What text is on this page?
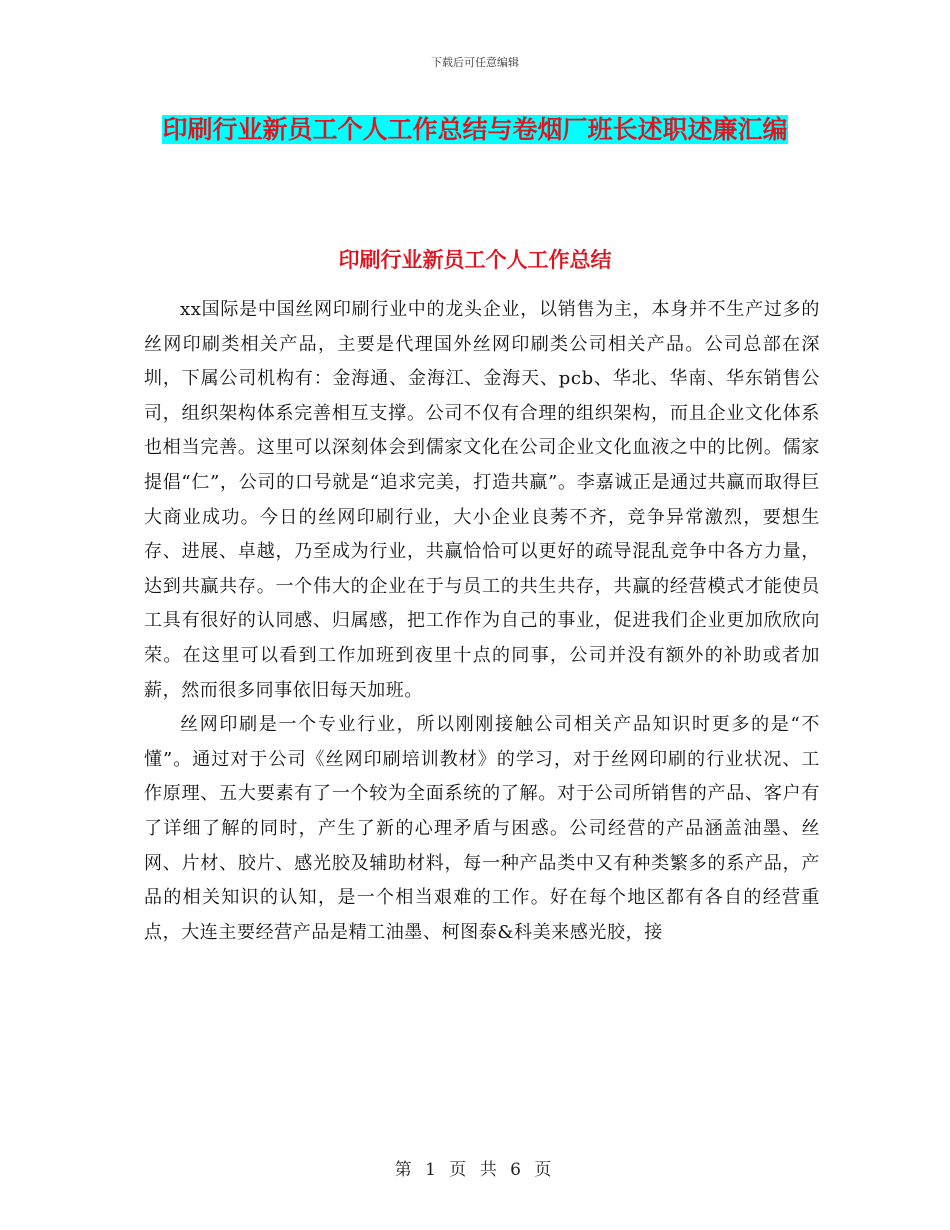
下载后可任意编辑
印刷行业新员工个人工作总结与卷烟厂班长述职述廉汇编
印刷行业新员工个人工作总结

xx国际是中国丝网印刷行业中的龙头企业，以销售为主，本身并不生产过多的丝网印刷类相关产品，主要是代理国外丝网印刷类公司相关产品。公司总部在深圳，下属公司机构有：金海通、金海江、金海天、pcb、华北、华南、华东销售公司，组织架构体系完善相互支撑。公司不仅有合理的组织架构，而且企业文化体系也相当完善。这里可以深刻体会到儒家文化在公司企业文化血液之中的比例。儒家提倡“仁”，公司的口号就是“追求完美，打造共赢”。李嘉诚正是通过共赢而取得巨大商业成功。今日的丝网印刷行业，大小企业良莠不齐，竞争异常激烈，要想生存、进展、卓越，乃至成为行业，共赢恰恰可以更好的疏导混乱竞争中各方力量，达到共赢共存。一个伟大的企业在于与员工的共生共存，共赢的经营模式才能使员工具有很好的认同感、归属感，把工作作为自己的事业，促进我们企业更加欣欣向荣。在这里可以看到工作加班到夜里十点的同事，公司并没有额外的补助或者加薪，然而很多同事依旧每天加班。

丝网印刷是一个专业行业，所以刚刚接触公司相关产品知识时更多的是“不懂”。通过对于公司《丝网印刷培训教材》的学习，对于丝网印刷的行业状况、工作原理、五大要素有了一个较为全面系统的了解。对于公司所销售的产品、客户有了详细了解的同时，产生了新的心理矛盾与困惑。公司经营的产品涵盖油墨、丝网、片材、胶片、感光胶及辅助材料，每一种产品类中又有种类繁多的系产品，产品的相关知识的认知，是一个相当艰难的工作。好在每个地区都有各自的经营重点，大连主要经营产品是精工油墨、柯图泰&科美来感光胶，接

第 1 页 共 6 页
